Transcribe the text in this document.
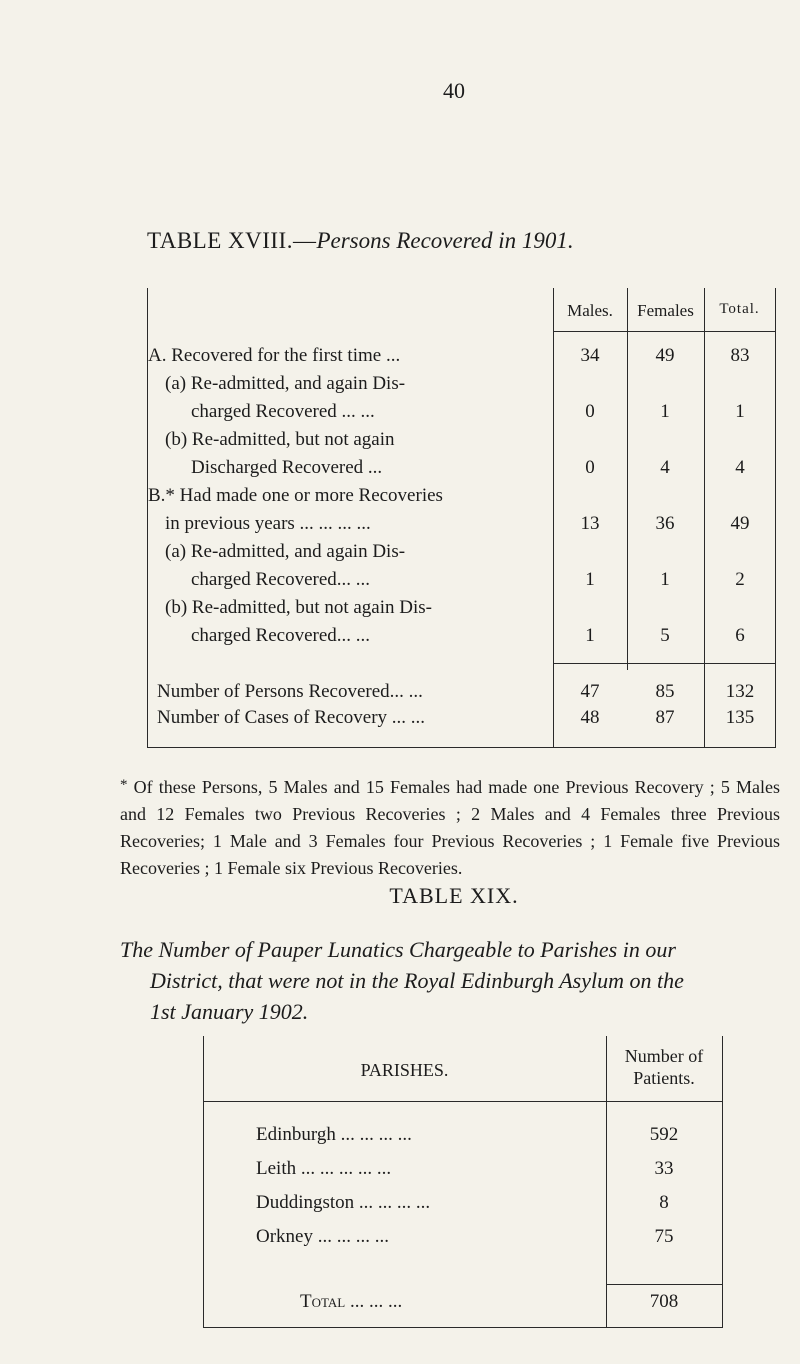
40
TABLE XVIII.—Persons Recovered in 1901.
Males.	Females	Total.
A. Recovered for the first time ...	34	49	83
(a) Re-admitted, and again Dis-
charged Recovered ... ...	0	1	1
(b) Re-admitted, but not again
Discharged Recovered ...	0	4	4
B.* Had made one or more Recoveries
in previous years ... ... ... ...	13	36	49
(a) Re-admitted, and again Dis-
charged Recovered... ...	1	1	2
(b) Re-admitted, but not again Dis-
charged Recovered... ...	1	5	6
Number of Persons Recovered... ...	47	85	132
Number of Cases of Recovery ... ...	48	87	135
* Of these Persons, 5 Males and 15 Females had made one Previous Recovery ; 5 Males and 12 Females two Previous Recoveries ; 2 Males and 4 Females three Previous Recoveries; 1 Male and 3 Females four Previous Recoveries ; 1 Female five Previous Recoveries ; 1 Female six Previous Recoveries.
TABLE XIX.
The Number of Pauper Lunatics Chargeable to Parishes in our
District, that were not in the Royal Edinburgh Asylum on the
1st January 1902.
PARISHES.
Number of
Patients.
Edinburgh ... ... ... ...	592
Leith ... ... ... ... ...	33
Duddingston ... ... ... ...	8
Orkney ... ... ... ...	75
Total ... ... ...	708
